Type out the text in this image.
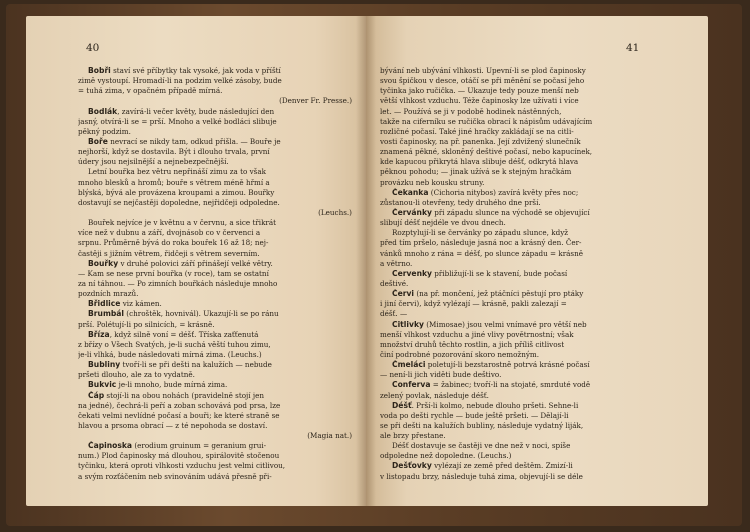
40
Bobři staví své příbytky tak vysoké, jak voda v příští
zimě vystoupí. Hromadí-li na podzim velké zásoby, bude
= tuhá zima, v opačném případě mírná.
(Denver Fr. Presse.)
Bodlák, zavírá-li večer květy, bude následující den
jasný, otvírá-li se = prší. Mnoho a velké bodláci slibuje
pěkný podzim.
Boře nevrací se nikdy tam, odkud přišla. — Bouře je
nejhorší, když se dostavila. Být i dlouho trvala, první
údery jsou nejsilnější a nejnebezpečnější.
Letní bouřka bez větru nepřináší zimu za to však
mnoho blesků a hromů; bouře s větrem méně hřmí a
blýská, bývá ale provázena kroupami a zimou. Bouřky
dostavují se nejčastěji dopoledne, nejřidčeji odpoledne.
(Leuchs.)
Bouřek nejvíce je v květnu a v červnu, a sice třikrát
více než v dubnu a září, dvojnásob co v červenci a
srpnu. Průměrně bývá do roka bouřek 16 až 18; nej-
častěji s jižním větrem, řidčeji s větrem severním.
Bouřky v druhé polovici září přinášejí velké větry.
— Kam se nese první bouřka (v roce), tam se ostatní
za ní táhnou. — Po zimních bouřkách následuje mnoho
pozdních mrazů.
Břidlice viz kámen.
Brumbál (chroštěk, hovnivál). Ukazují-li se po ránu
prší. Polétují-li po silnicích, = krásně.
Bříza, když silně voní = déšť. Tříska zaťťenutá
z břízy o Všech Svatých, je-li suchá věští tuhou zimu,
je-li vlhká, bude následovati mírná zima. (Leuchs.)
Bubliny tvoří-li se při dešti na kalužích — nebude
pršeti dlouho, ale za to vydatně.
Bukvic je-li mnoho, bude mírná zima.
Čáp stojí-li na obou nohách (pravidelně stojí jen
na jedné), čechrá-li peří a zoban schovává pod prsa, lze
čekati velmi nevlídné počasí a bouři; ke které straně se
hlavou a prsoma obrací — z té nepohoda se dostaví.
(Magia nat.)
Čapinoska (erodium gruinum = geranium grui-
num.) Plod čapinosky má dlouhou, spirálovitě stočenou
tyčinku, která oproti vlhkosti vzduchu jest velmi citlivou,
a svým rozťáčením neb svinováním udává přesně při-
41
bývání neb ubývání vlhkosti. Upevní-li se plod čapinosky
svou špičkou v desce, otáčí se při měnění se počasí jeho
tyčinka jako ručička. — Ukazuje tedy pouze menší neb
větší vlhkost vzduchu. Téže čapinosky lze užívati i více
let. — Používá se ji v podobě hodinek nástěnných,
takže na ciferníku se ručička obrací k nápisům udávajícím
rozličné počasí. Také jiné hračky zakládají se na citli-
vosti čapinosky, na př. panenka. Její zdvižený slunečník
znamená pěkné, skloněný deštivé počasí, nebo kapucínek,
kde kapucou přikrytá hlava slibuje déšť, odkrytá hlava
pěknou pohodu; — jinak užívá se k stejným hračkám
provázku neb kousku struny.
Čekanka (Cichoria nitybos) zavírá květy přes noc;
zůstanou-li otevřeny, tedy druhého dne prší.
Červánky při západu slunce na východě se objevující
slibují déšť nejdéle ve dvou dnech.
Rozptylují-li se červánky po západu slunce, když
před tím pršelo, následuje jasná noc a krásný den. Čer-
vánků mnoho z rána = déšť, po slunce západu = krásně
a větrno.
Cervenky přibližují-li se k stavení, bude počasí
deštivé.
Červi (na př. mončení, jež ptáčníci pěstují pro ptáky
i jiní červi), když vylézají — krásně, pakli zalezají =
déšť. —
Citlivky (Mimosae) jsou velmi vnímavé pro větší neb
menší vlhkost vzduchu a jiné vlivy povětrnostní; však
množství druhů těchto rostlin, a jich příliš citlivost
činí podrobné pozorování skoro nemožným.
Čmeláci poletují-li bezstarostně potrvá krásné počasí
— není-li jich viděti bude deštivo.
Conferva = žabinec; tvoří-li na stojaté, smrduté vodě
zelený povlak, následuje déšť.
Déšť. Prší-li kolmo, nebude dlouho pršeti. Sehne-li
voda po dešti rychle — bude ještě pršeti. — Dělají-li
se při dešti na kalužích bubliny, následuje vydatný liják,
ale brzy přestane.
Déšť dostavuje se častěji ve dne než v noci, spíše
odpoledne než dopoledne. (Leuchs.)
Dešťovky vylézají ze země před deštěm. Zmizí-li
v listopadu brzy, následuje tuhá zima, objevují-li se déle
